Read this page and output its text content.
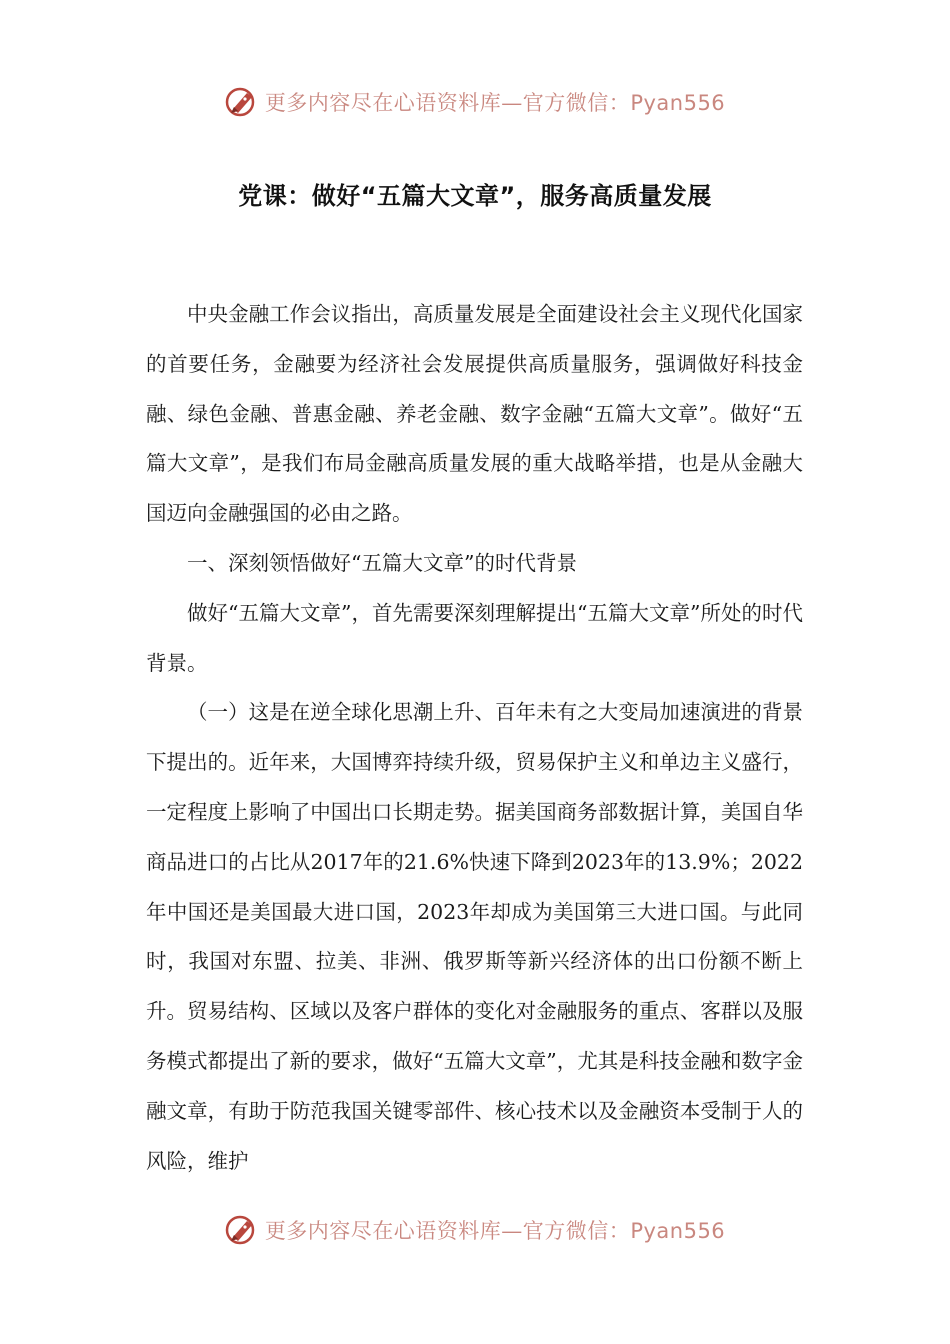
更多内容尽在心语资料库—官方微信：Pyan556
党课：做好“五篇大文章”，服务高质量发展

中央金融工作会议指出，高质量发展是全面建设社会主义现代化国家的首要任务，金融要为经济社会发展提供高质量服务，强调做好科技金融、绿色金融、普惠金融、养老金融、数字金融“五篇大文章”。做好“五篇大文章”，是我们布局金融高质量发展的重大战略举措，也是从金融大国迈向金融强国的必由之路。

一、深刻领悟做好“五篇大文章”的时代背景

做好“五篇大文章”，首先需要深刻理解提出“五篇大文章”所处的时代背景。

（一）这是在逆全球化思潮上升、百年未有之大变局加速演进的背景下提出的。近年来，大国博弈持续升级，贸易保护主义和单边主义盛行，一定程度上影响了中国出口长期走势。据美国商务部数据计算，美国自华商品进口的占比从2017年的21.6%快速下降到2023年的13.9%；2022年中国还是美国最大进口国，2023年却成为美国第三大进口国。与此同时，我国对东盟、拉美、非洲、俄罗斯等新兴经济体的出口份额不断上升。贸易结构、区域以及客户群体的变化对金融服务的重点、客群以及服务模式都提出了新的要求，做好“五篇大文章”，尤其是科技金融和数字金融文章，有助于防范我国关键零部件、核心技术以及金融资本受制于人的风险，维护

更多内容尽在心语资料库—官方微信：Pyan556
